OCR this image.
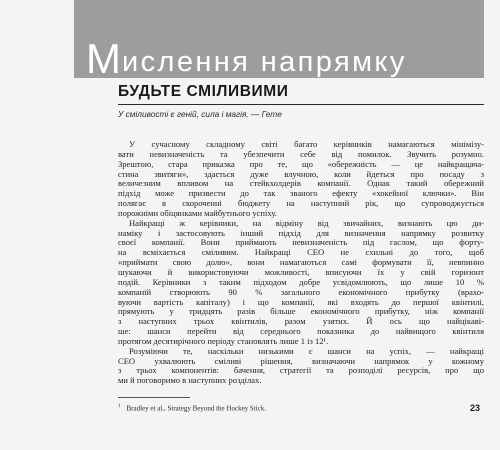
Мислення напрямку
БУДЬТЕ СМІЛИВИМИ

У сміливості є геній, сила і магія. — Гете

У сучасному складному світі багато керівників намагаються мінімізу-
вати невизначеність та убезпечити себе від помилок. Звучить розумно.
Зрештою, стара приказка про те, що «обережність — це найкращача-
стина звитяги», здається дуже влучною, коли йдеться про посаду з
величезним впливом на стейкхолдерів компанії. Однак такий обережний
підхід може призвести до так званого ефекту «хокейної ключки». Він
полягає в скороченні бюджету на наступний рік, що супроводжується
порожніми обіцянками майбутнього успіху.
Найкращі ж керівники, на відміну від звичайних, визнають цю ди-
наміку і застосовують інший підхід для визначення напрямку розвитку
своєї компанії. Вони приймають невизначеність під гаслом, що форту-
на всміхається сміливим. Найкращі CEO не схильні до того, щоб
«приймати свою долю», вони намагаються самі формувати її, невпинно
шукаючи й використовуючи можливості, вписуючи їх у свій горизонт
подій. Керівники з таким підходом добре усвідомлюють, що лише 10 %
компаній створюють 90 % загального економічного прибутку (врахо-
вуючи вартість капіталу) і що компанії, які входять до першої квінтилі,
прямують у тридцять разів більше економічного прибутку, ніж компанії
з наступних трьох квінтилів, разом узятих. Й ось що найцікаві-
ше: шанси перейти від середнього показника до найвищого квінтиля
протягом десятирічного періоду становлять лише 1 із 12¹.
Розуміючи те, наскільки низькими є шанси на успіх, — найкращі
CEO ухвалюють сміливі рішення, визначаючи напрямок у кожному
з трьох компонентів: бачення, стратегії та розподілі ресурсів, про що
ми й поговоримо в наступних розділах.

$^1$ Bradley et al., Strategy Beyond the Hockey Stick.	23
